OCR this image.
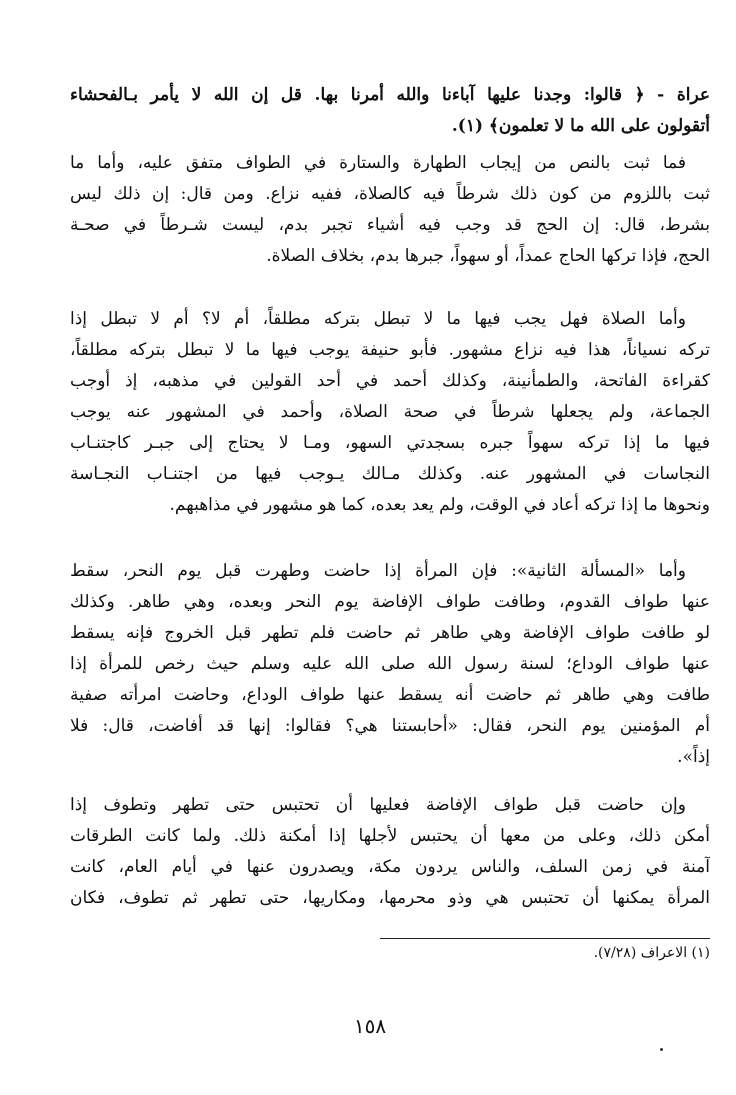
عراة - ﴿ قالوا: وجدنا عليها آباءنا والله أمرنا بها. قل إن الله لا يأمر بـالفحشاء
أتقولون على الله ما لا تعلمون﴾ (١).
فما ثبت بالنص من إيجاب الطهارة والستارة في الطواف متفق عليه، وأما ما
ثبت باللزوم من كون ذلك شرطاً فيه كالصلاة، ففيه نزاع. ومن قال: إن ذلك ليس
بشرط، قال: إن الحج قد وجب فيه أشياء تجبر بدم، ليست شـرطاً في صحـة
الحج، فإذا تركها الحاج عمداً، أو سهواً، جبرها بدم، بخلاف الصلاة.
وأما الصلاة فهل يجب فيها ما لا تبطل بتركه مطلقاً، أم لا؟ أم لا تبطل إذا
تركه نسياناً، هذا فيه نزاع مشهور. فأبو حنيفة يوجب فيها ما لا تبطل بتركه مطلقاً،
كقراءة الفاتحة، والطمأنينة، وكذلك أحمد في أحد القولين في مذهبه، إذ أوجب
الجماعة، ولم يجعلها شرطاً في صحة الصلاة، وأحمد في المشهور عنه يوجب
فيها ما إذا تركه سهواً جبره بسجدتي السهو، ومـا لا يحتاج إلى جبـر كاجتنـاب
النجاسات في المشهور عنه. وكذلك مـالك يـوجب فيها من اجتنـاب النجـاسة
ونحوها ما إذا تركه أعاد في الوقت، ولم يعد بعده، كما هو مشهور في مذاهبهم.
وأما «المسألة الثانية»: فإن المرأة إذا حاضت وطهرت قبل يوم النحر، سقط
عنها طواف القدوم، وطافت طواف الإفاضة يوم النحر وبعده، وهي طاهر. وكذلك
لو طافت طواف الإفاضة وهي طاهر ثم حاضت فلم تطهر قبل الخروج فإنه يسقط
عنها طواف الوداع؛ لسنة رسول الله صلى الله عليه وسلم حيث رخص للمرأة إذا
طافت وهي طاهر ثم حاضت أنه يسقط عنها طواف الوداع، وحاضت امرأته صفية
أم المؤمنين يوم النحر، فقال: «أحابستنا هي؟ فقالوا: إنها قد أفاضت، قال: فلا
إذاً».
وإن حاضت قبل طواف الإفاضة فعليها أن تحتبس حتى تطهر وتطوف إذا
أمكن ذلك، وعلى من معها أن يحتبس لأجلها إذا أمكنة ذلك. ولما كانت الطرقات
آمنة في زمن السلف، والناس يردون مكة، ويصدرون عنها في أيام العام، كانت
المرأة يمكنها أن تحتبس هي وذو محرمها، ومكاريها، حتى تطهر ثم تطوف، فكان
(١) الاعراف (٧/٢٨).
١٥٨
